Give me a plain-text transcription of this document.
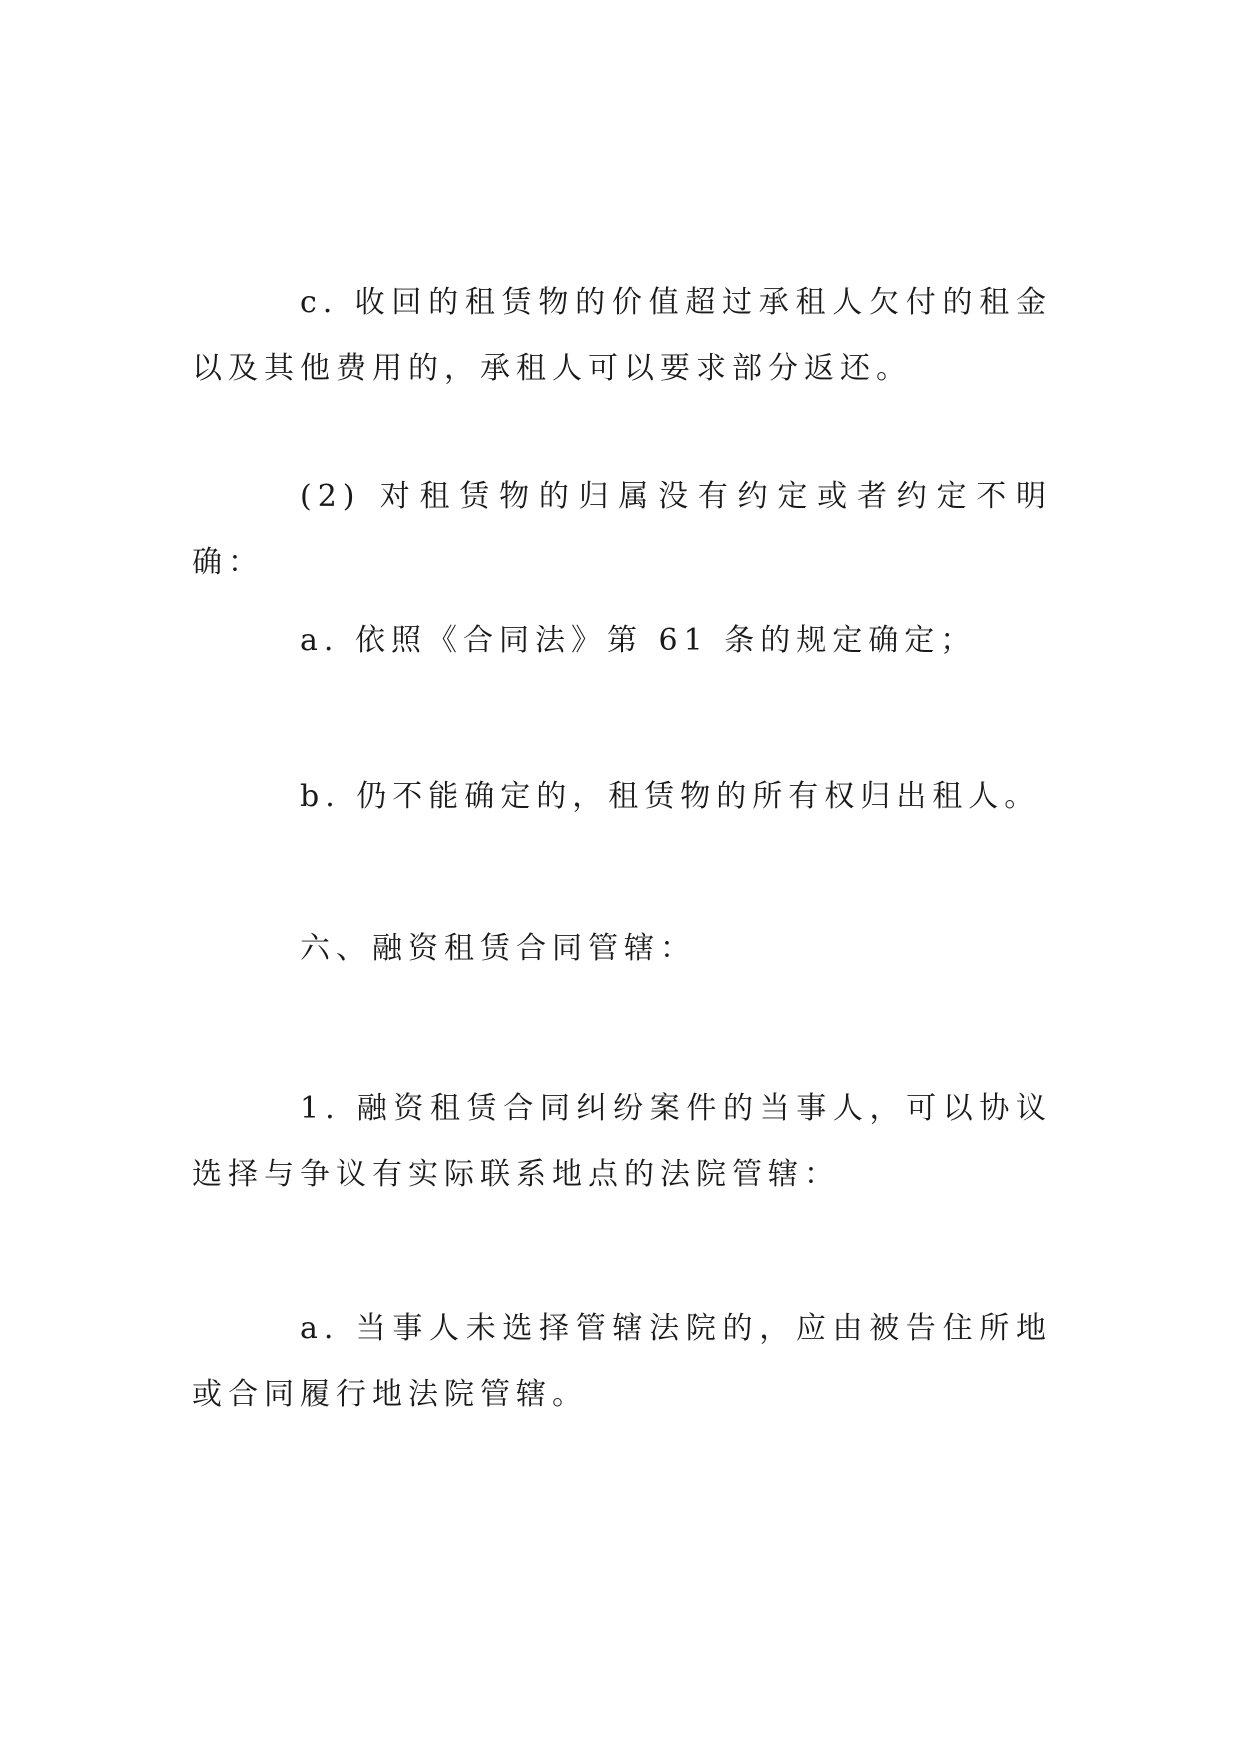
c. 收回的租赁物的价值超过承租人欠付的租金以及其他费用的，承租人可以要求部分返还。

(2) 对租赁物的归属没有约定或者约定不明确：

a. 依照《合同法》第 61 条的规定确定；

b. 仍不能确定的，租赁物的所有权归出租人。

六、融资租赁合同管辖：

1. 融资租赁合同纠纷案件的当事人，可以协议选择与争议有实际联系地点的法院管辖：

a. 当事人未选择管辖法院的，应由被告住所地或合同履行地法院管辖。
